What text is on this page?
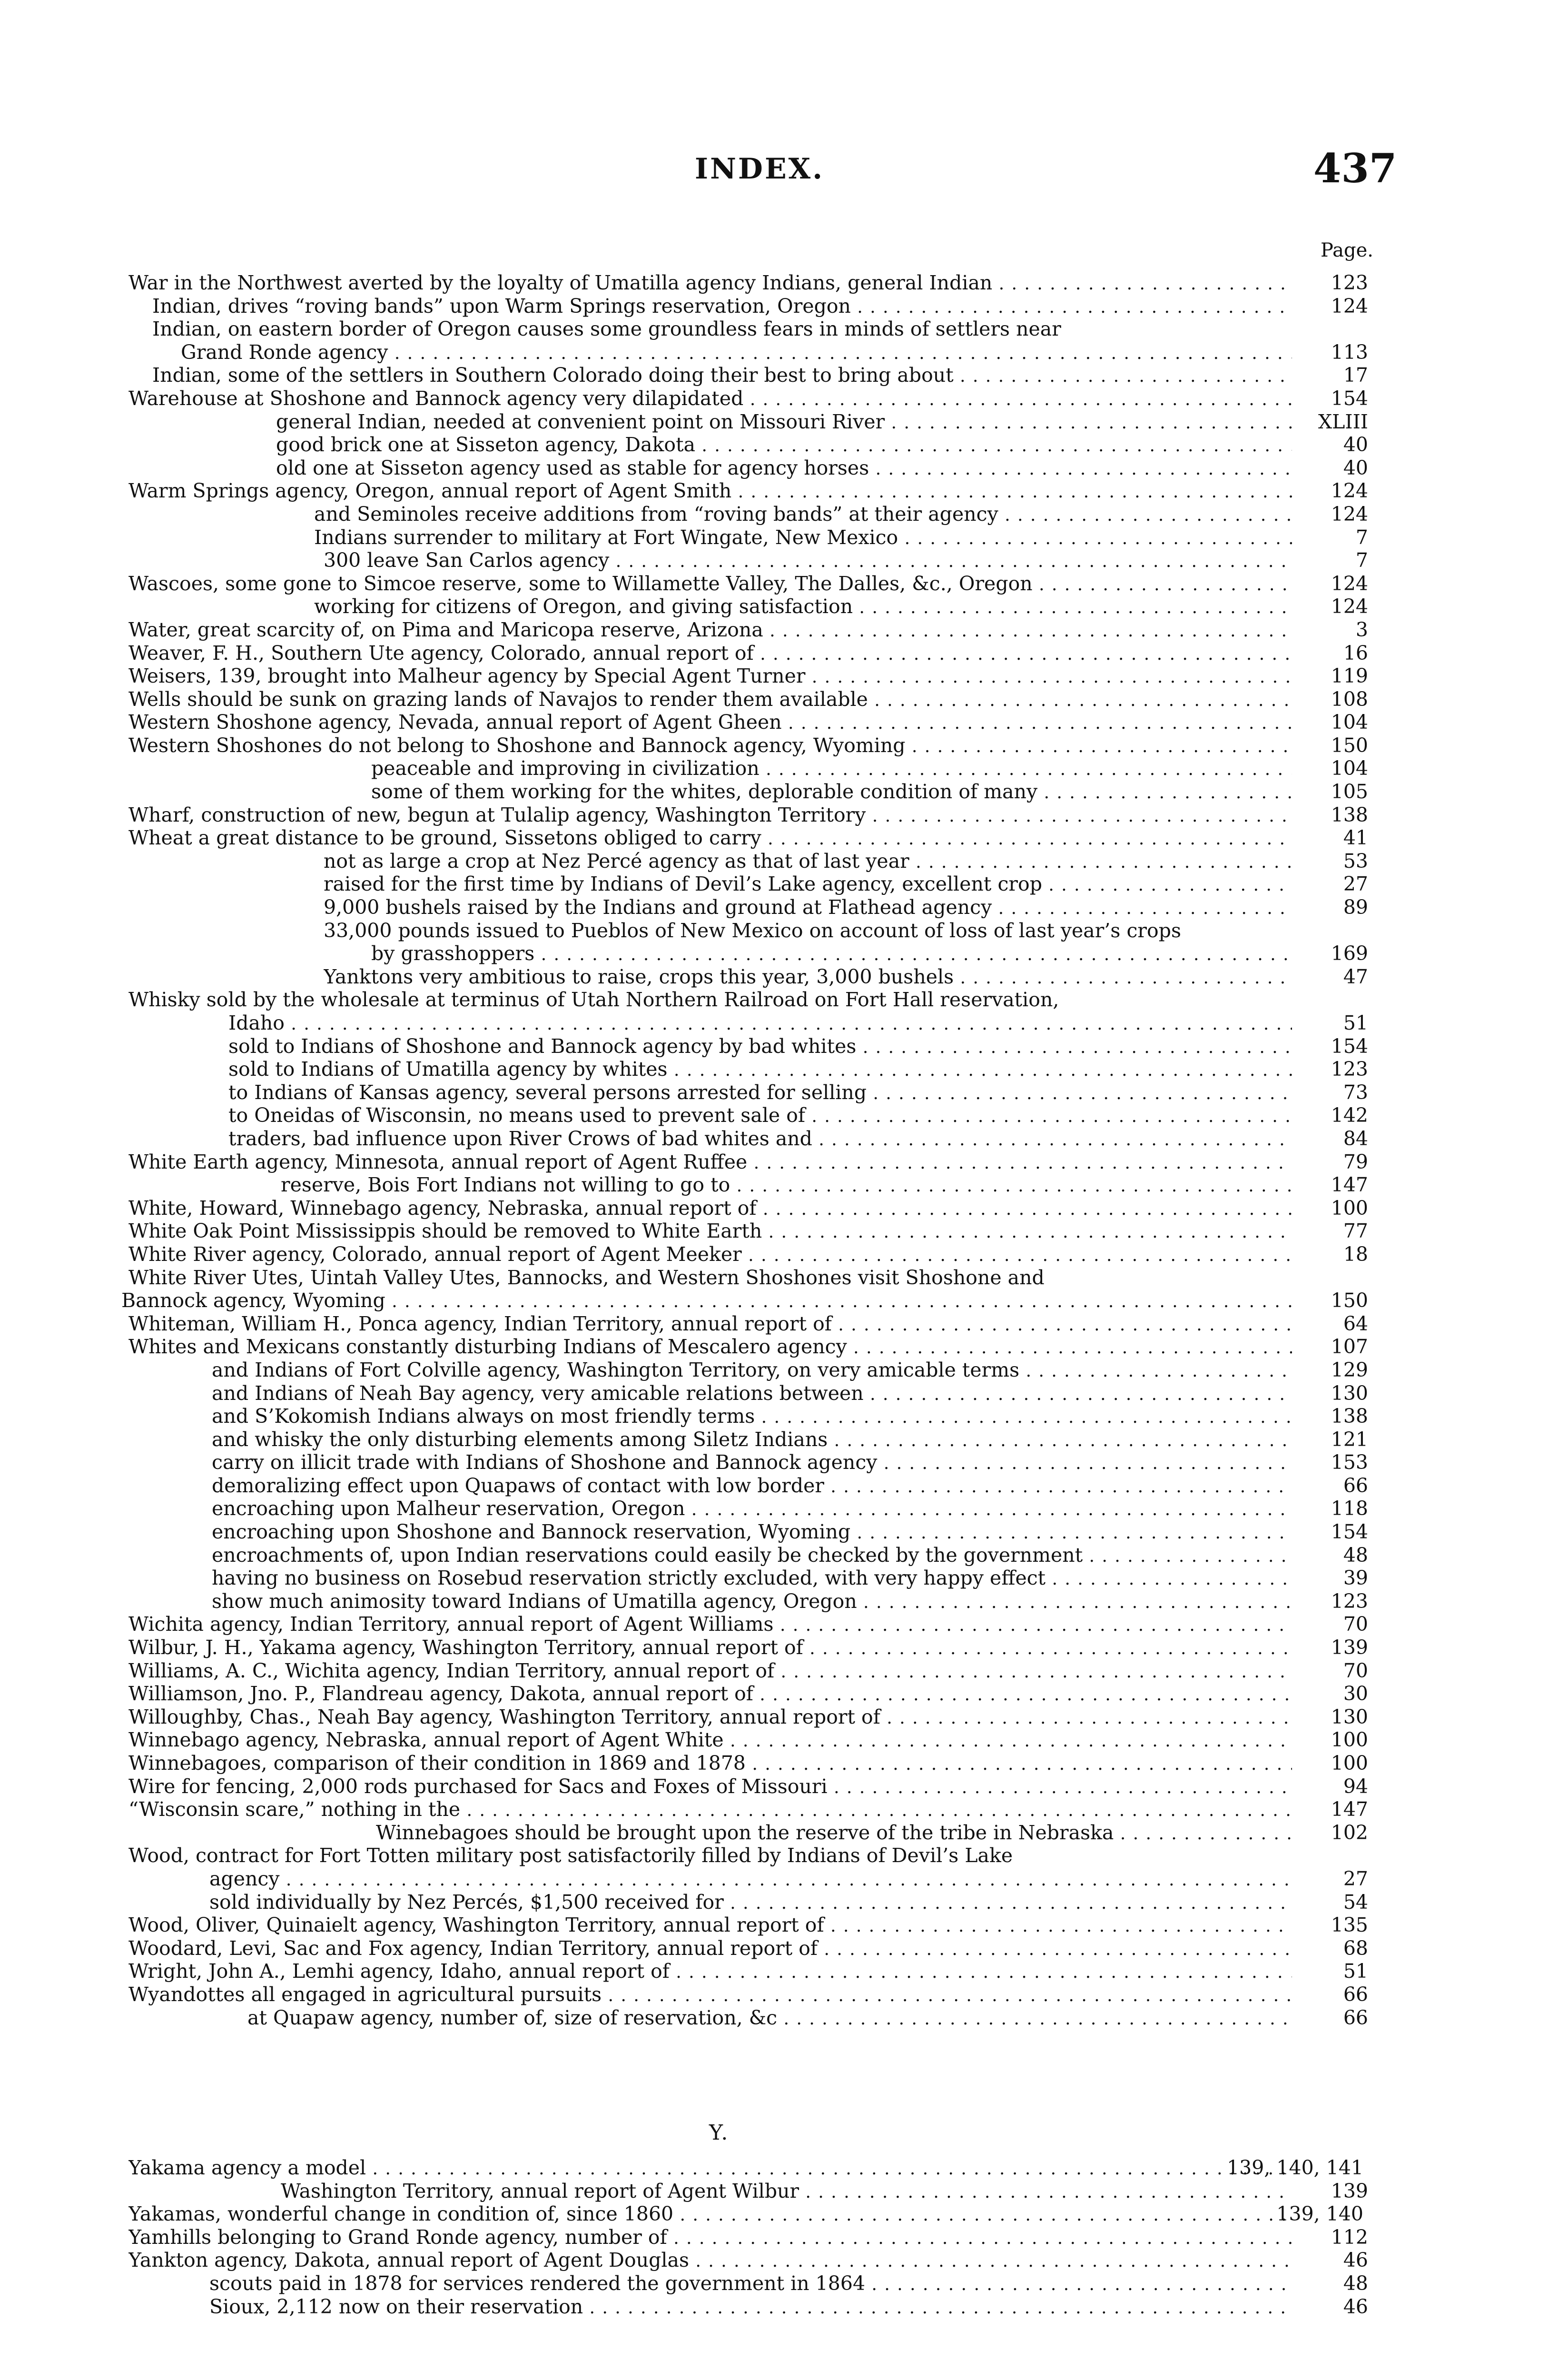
INDEX.	437
Page.
War in the Northwest averted by the loyalty of Umatilla agency Indians, general Indian . . .	123
Indian, drives “roving bands” upon Warm Springs reservation, Oregon . . .	124
Indian, on eastern border of Oregon causes some groundless fears in minds of settlers near
Grand Ronde agency . . .	113
Indian, some of the settlers in Southern Colorado doing their best to bring about . . .	17
Warehouse at Shoshone and Bannock agency very dilapidated . . .	154
general Indian, needed at convenient point on Missouri River . . .	XLIII
good brick one at Sisseton agency, Dakota . . .	40
old one at Sisseton agency used as stable for agency horses . . .	40
Warm Springs agency, Oregon, annual report of Agent Smith . . .	124
and Seminoles receive additions from “roving bands” at their agency . . .	124
Indians surrender to military at Fort Wingate, New Mexico . . .	7
300 leave San Carlos agency . . .	7
Wascoes, some gone to Simcoe reserve, some to Willamette Valley, The Dalles, &c., Oregon . . .	124
working for citizens of Oregon, and giving satisfaction . . .	124
Water, great scarcity of, on Pima and Maricopa reserve, Arizona . . .	3
Weaver, F. H., Southern Ute agency, Colorado, annual report of . . .	16
Weisers, 139, brought into Malheur agency by Special Agent Turner . . .	119
Wells should be sunk on grazing lands of Navajos to render them available . . .	108
Western Shoshone agency, Nevada, annual report of Agent Gheen . . .	104
Western Shoshones do not belong to Shoshone and Bannock agency, Wyoming . . .	150
peaceable and improving in civilization . . .	104
some of them working for the whites, deplorable condition of many . . .	105
Wharf, construction of new, begun at Tulalip agency, Washington Territory . . .	138
Wheat a great distance to be ground, Sissetons obliged to carry . . .	41
not as large a crop at Nez Percé agency as that of last year . . .	53
raised for the first time by Indians of Devil’s Lake agency, excellent crop . . .	27
9,000 bushels raised by the Indians and ground at Flathead agency . . .	89
33,000 pounds issued to Pueblos of New Mexico on account of loss of last year’s crops
by grasshoppers . . .	169
Yanktons very ambitious to raise, crops this year, 3,000 bushels . . .	47
Whisky sold by the wholesale at terminus of Utah Northern Railroad on Fort Hall reservation,
Idaho . . .	51
sold to Indians of Shoshone and Bannock agency by bad whites . . .	154
sold to Indians of Umatilla agency by whites . . .	123
to Indians of Kansas agency, several persons arrested for selling . . .	73
to Oneidas of Wisconsin, no means used to prevent sale of . . .	142
traders, bad influence upon River Crows of bad whites and . . .	84
White Earth agency, Minnesota, annual report of Agent Ruffee . . .	79
reserve, Bois Fort Indians not willing to go to . . .	147
White, Howard, Winnebago agency, Nebraska, annual report of . . .	100
White Oak Point Mississippis should be removed to White Earth . . .	77
White River agency, Colorado, annual report of Agent Meeker . . .	18
White River Utes, Uintah Valley Utes, Bannocks, and Western Shoshones visit Shoshone and
Bannock agency, Wyoming . . .	150
Whiteman, William H., Ponca agency, Indian Territory, annual report of . . .	64
Whites and Mexicans constantly disturbing Indians of Mescalero agency . . .	107
and Indians of Fort Colville agency, Washington Territory, on very amicable terms . . .	129
and Indians of Neah Bay agency, very amicable relations between . . .	130
and S’Kokomish Indians always on most friendly terms . . .	138
and whisky the only disturbing elements among Siletz Indians . . .	121
carry on illicit trade with Indians of Shoshone and Bannock agency . . .	153
demoralizing effect upon Quapaws of contact with low border . . .	66
encroaching upon Malheur reservation, Oregon . . .	118
encroaching upon Shoshone and Bannock reservation, Wyoming . . .	154
encroachments of, upon Indian reservations could easily be checked by the government . . .	48
having no business on Rosebud reservation strictly excluded, with very happy effect . . .	39
show much animosity toward Indians of Umatilla agency, Oregon . . .	123
Wichita agency, Indian Territory, annual report of Agent Williams . . .	70
Wilbur, J. H., Yakama agency, Washington Territory, annual report of . . .	139
Williams, A. C., Wichita agency, Indian Territory, annual report of . . .	70
Williamson, Jno. P., Flandreau agency, Dakota, annual report of . . .	30
Willoughby, Chas., Neah Bay agency, Washington Territory, annual report of . . .	130
Winnebago agency, Nebraska, annual report of Agent White . . .	100
Winnebagoes, comparison of their condition in 1869 and 1878 . . .	100
Wire for fencing, 2,000 rods purchased for Sacs and Foxes of Missouri . . .	94
“Wisconsin scare,” nothing in the . . .	147
Winnebagoes should be brought upon the reserve of the tribe in Nebraska . . .	102
Wood, contract for Fort Totten military post satisfactorily filled by Indians of Devil’s Lake
agency . . .	27
sold individually by Nez Percés, $1,500 received for . . .	54
Wood, Oliver, Quinaielt agency, Washington Territory, annual report of . . .	135
Woodard, Levi, Sac and Fox agency, Indian Territory, annual report of . . .	68
Wright, John A., Lemhi agency, Idaho, annual report of . . .	51
Wyandottes all engaged in agricultural pursuits . . .	66
at Quapaw agency, number of, size of reservation, &c . . .	66
Y.
Yakama agency a model . . .	139, 140, 141
Washington Territory, annual report of Agent Wilbur . . .	139
Yakamas, wonderful change in condition of, since 1860 . . .	139, 140
Yamhills belonging to Grand Ronde agency, number of . . .	112
Yankton agency, Dakota, annual report of Agent Douglas . . .	46
scouts paid in 1878 for services rendered the government in 1864 . . .	48
Sioux, 2,112 now on their reservation . . .	46
